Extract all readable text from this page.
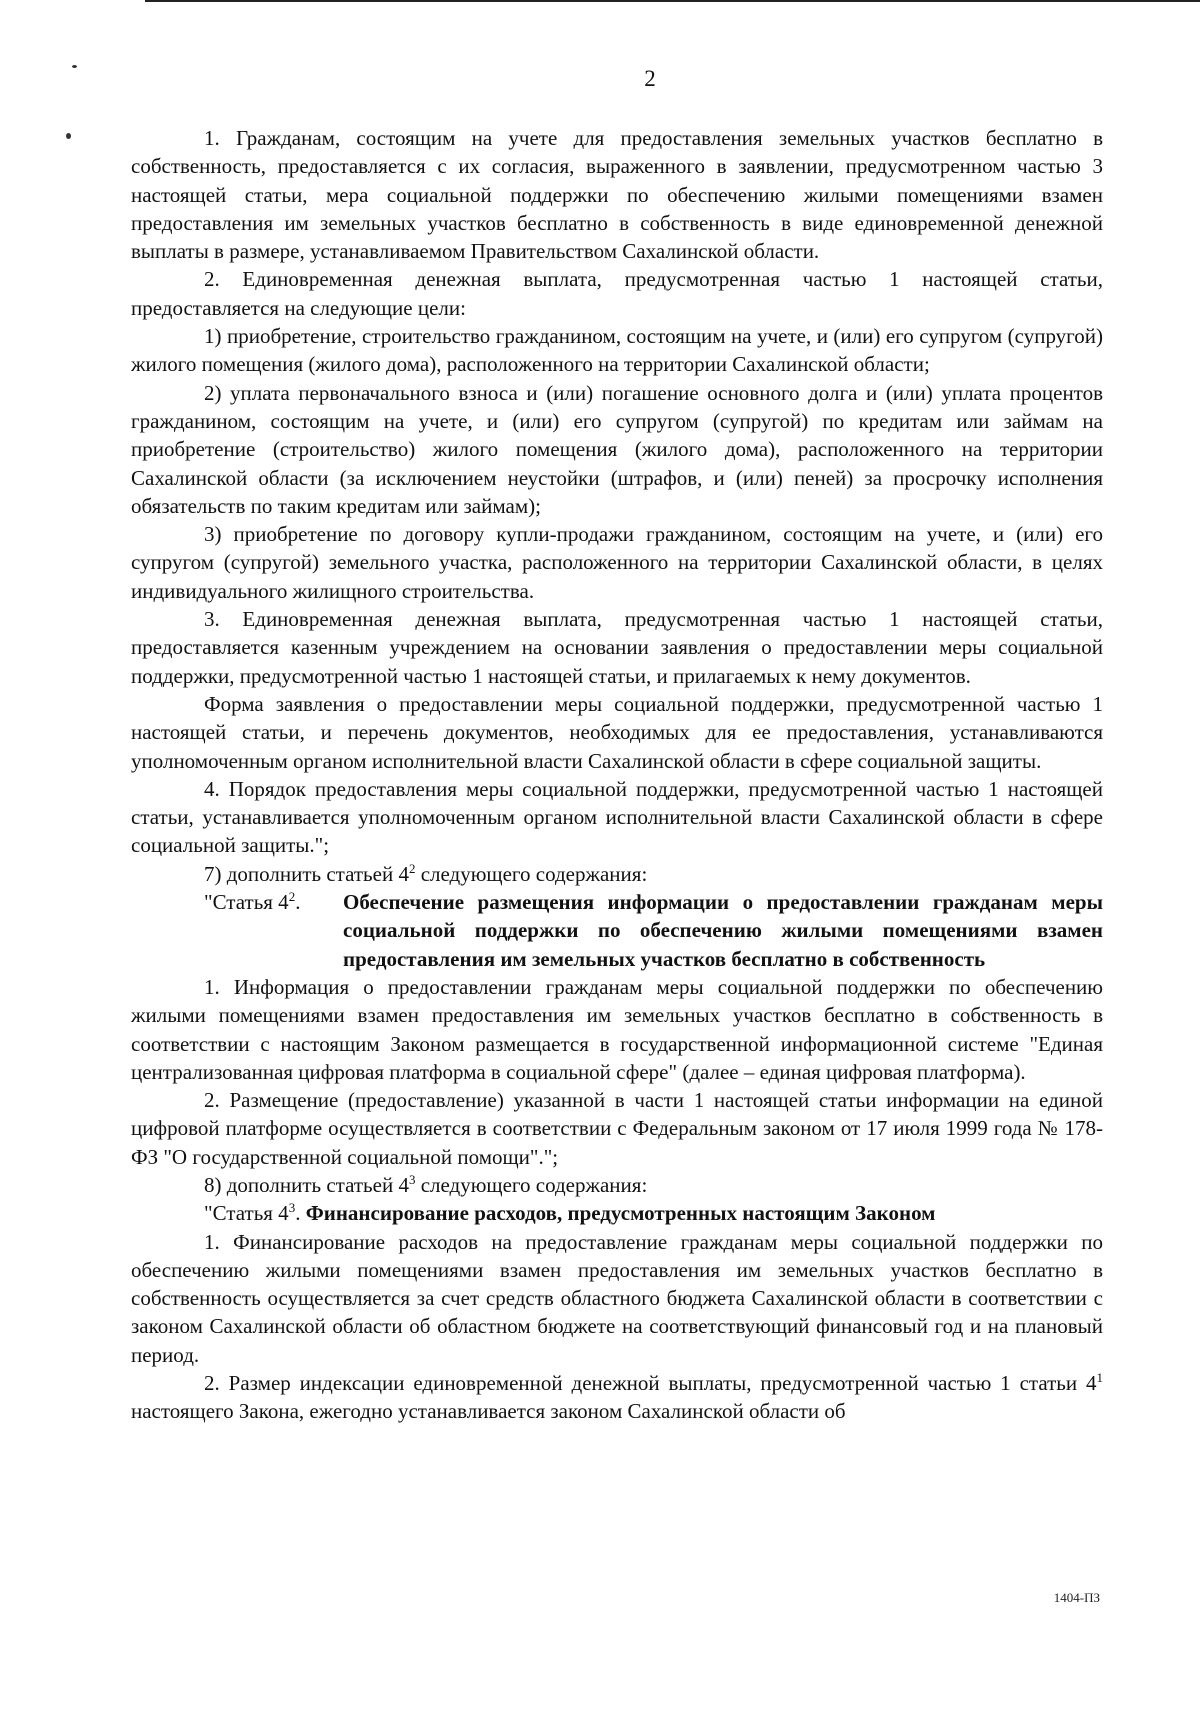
2

1. Гражданам, состоящим на учете для предоставления земельных участков бесплатно в собственность, предоставляется с их согласия, выраженного в заявлении, предусмотренном частью 3 настоящей статьи, мера социальной поддержки по обеспечению жилыми помещениями взамен предоставления им земельных участков бесплатно в собственность в виде единовременной денежной выплаты в размере, устанавливаемом Правительством Сахалинской области.

2. Единовременная денежная выплата, предусмотренная частью 1 настоящей статьи, предоставляется на следующие цели:

1) приобретение, строительство гражданином, состоящим на учете, и (или) его супругом (супругой) жилого помещения (жилого дома), расположенного на территории Сахалинской области;

2) уплата первоначального взноса и (или) погашение основного долга и (или) уплата процентов гражданином, состоящим на учете, и (или) его супругом (супругой) по кредитам или займам на приобретение (строительство) жилого помещения (жилого дома), расположенного на территории Сахалинской области (за исключением неустойки (штрафов, и (или) пеней) за просрочку исполнения обязательств по таким кредитам или займам);

3) приобретение по договору купли-продажи гражданином, состоящим на учете, и (или) его супругом (супругой) земельного участка, расположенного на территории Сахалинской области, в целях индивидуального жилищного строительства.

3. Единовременная денежная выплата, предусмотренная частью 1 настоящей статьи, предоставляется казенным учреждением на основании заявления о предоставлении меры социальной поддержки, предусмотренной частью 1 настоящей статьи, и прилагаемых к нему документов.

Форма заявления о предоставлении меры социальной поддержки, предусмотренной частью 1 настоящей статьи, и перечень документов, необходимых для ее предоставления, устанавливаются уполномоченным органом исполнительной власти Сахалинской области в сфере социальной защиты.

4. Порядок предоставления меры социальной поддержки, предусмотренной частью 1 настоящей статьи, устанавливается уполномоченным органом исполнительной власти Сахалинской области в сфере социальной защиты.";

7) дополнить статьей $4^2$ следующего содержания:

"Статья $4^2$.	Обеспечение размещения информации о предоставлении гражданам меры социальной поддержки по обеспечению жилыми помещениями взамен предоставления им земельных участков бесплатно в собственность

1. Информация о предоставлении гражданам меры социальной поддержки по обеспечению жилыми помещениями взамен предоставления им земельных участков бесплатно в собственность в соответствии с настоящим Законом размещается в государственной информационной системе "Единая централизованная цифровая платформа в социальной сфере" (далее – единая цифровая платформа).

2. Размещение (предоставление) указанной в части 1 настоящей статьи информации на единой цифровой платформе осуществляется в соответствии с Федеральным законом от 17 июля 1999 года № 178-ФЗ "О государственной социальной помощи".";

8) дополнить статьей $4^3$ следующего содержания:

"Статья $4^3$. Финансирование расходов, предусмотренных настоящим Законом

1. Финансирование расходов на предоставление гражданам меры социальной поддержки по обеспечению жилыми помещениями взамен предоставления им земельных участков бесплатно в собственность осуществляется за счет средств областного бюджета Сахалинской области в соответствии с законом Сахалинской области об областном бюджете на соответствующий финансовый год и на плановый период.

2. Размер индексации единовременной денежной выплаты, предусмотренной частью 1 статьи $4^1$ настоящего Закона, ежегодно устанавливается законом Сахалинской области об

1404-ПЗ
